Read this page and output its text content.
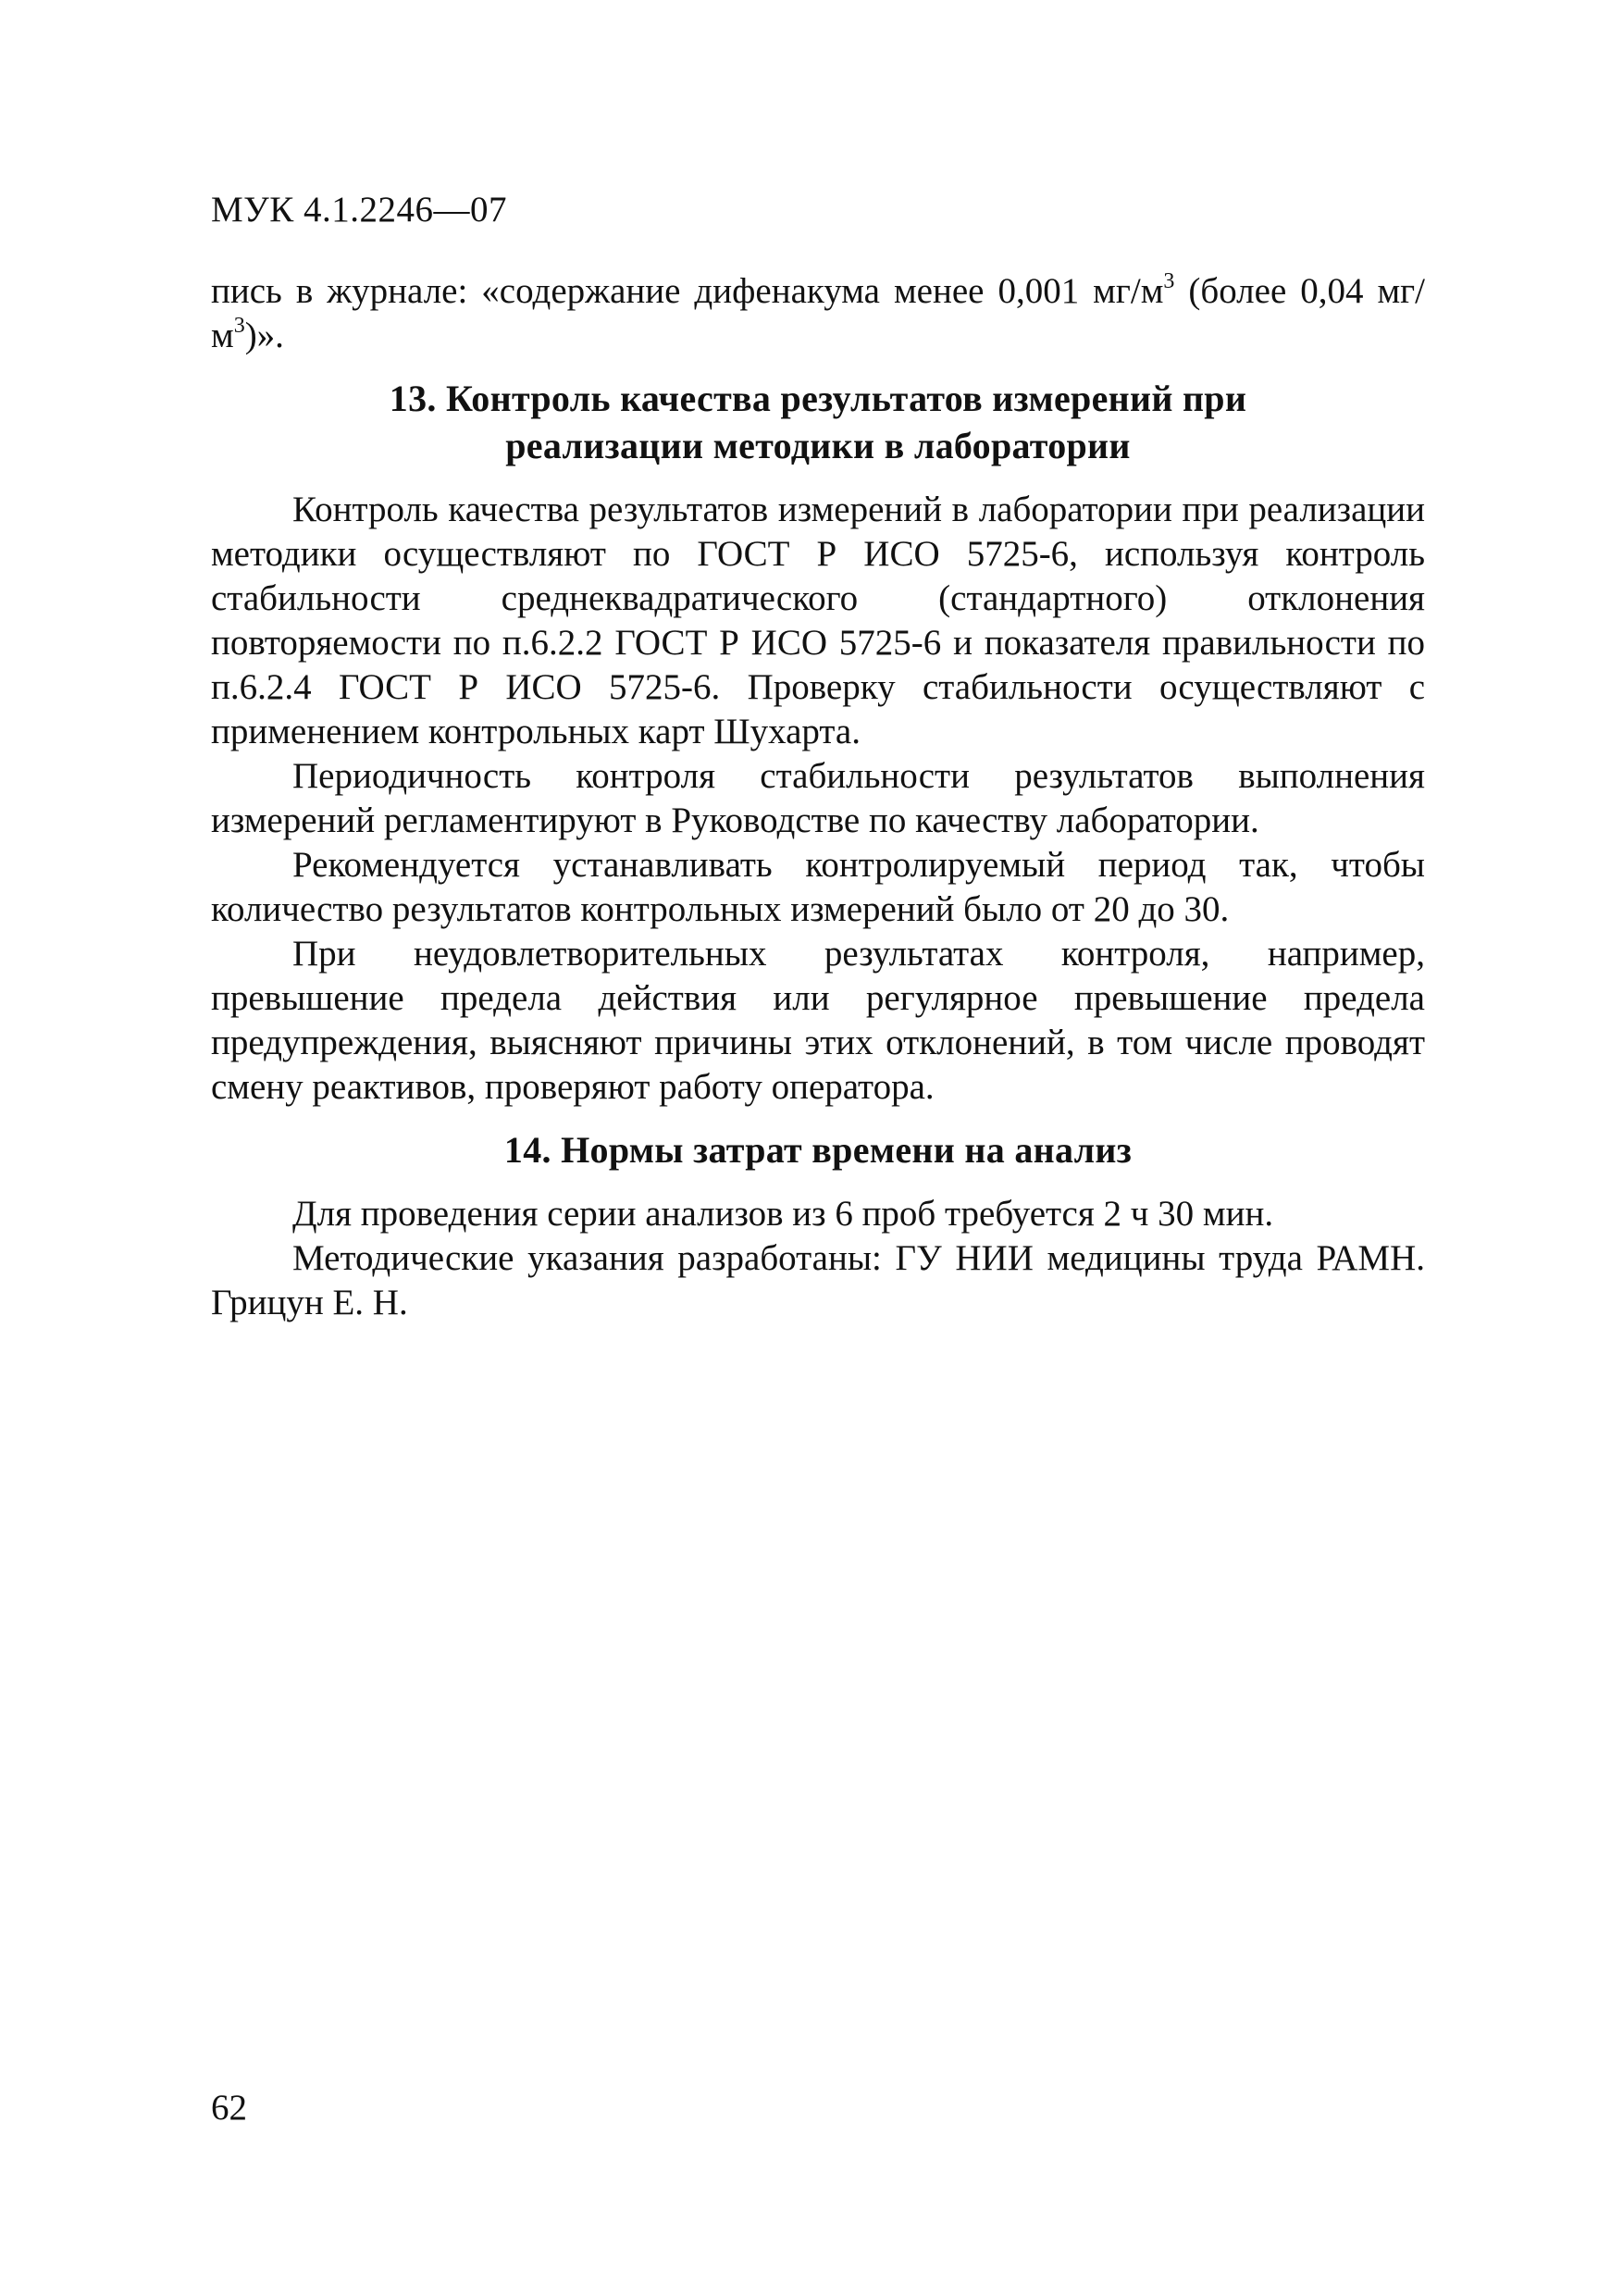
МУК 4.1.2246—07

пись в журнале: «содержание дифенакума менее 0,001 $мг/м^3$ (более 0,04 $мг/м^3$)».

13. Контроль качества результатов измерений при
реализации методики в лаборатории

Контроль качества результатов измерений в лаборатории при реализации методики осуществляют по ГОСТ Р ИСО 5725-6, используя контроль стабильности среднеквадратического (стандартного) отклонения повторяемости по п.6.2.2 ГОСТ Р ИСО 5725-6 и показателя правильности по п.6.2.4 ГОСТ Р ИСО 5725-6. Проверку стабильности осуществляют с применением контрольных карт Шухарта.

Периодичность контроля стабильности результатов выполнения измерений регламентируют в Руководстве по качеству лаборатории.

Рекомендуется устанавливать контролируемый период так, чтобы количество результатов контрольных измерений было от 20 до 30.

При неудовлетворительных результатах контроля, например, превышение предела действия или регулярное превышение предела предупреждения, выясняют причины этих отклонений, в том числе проводят смену реактивов, проверяют работу оператора.

14. Нормы затрат времени на анализ

Для проведения серии анализов из 6 проб требуется 2 ч 30 мин.

Методические указания разработаны: ГУ НИИ медицины труда РАМН. Грицун Е. Н.

62
